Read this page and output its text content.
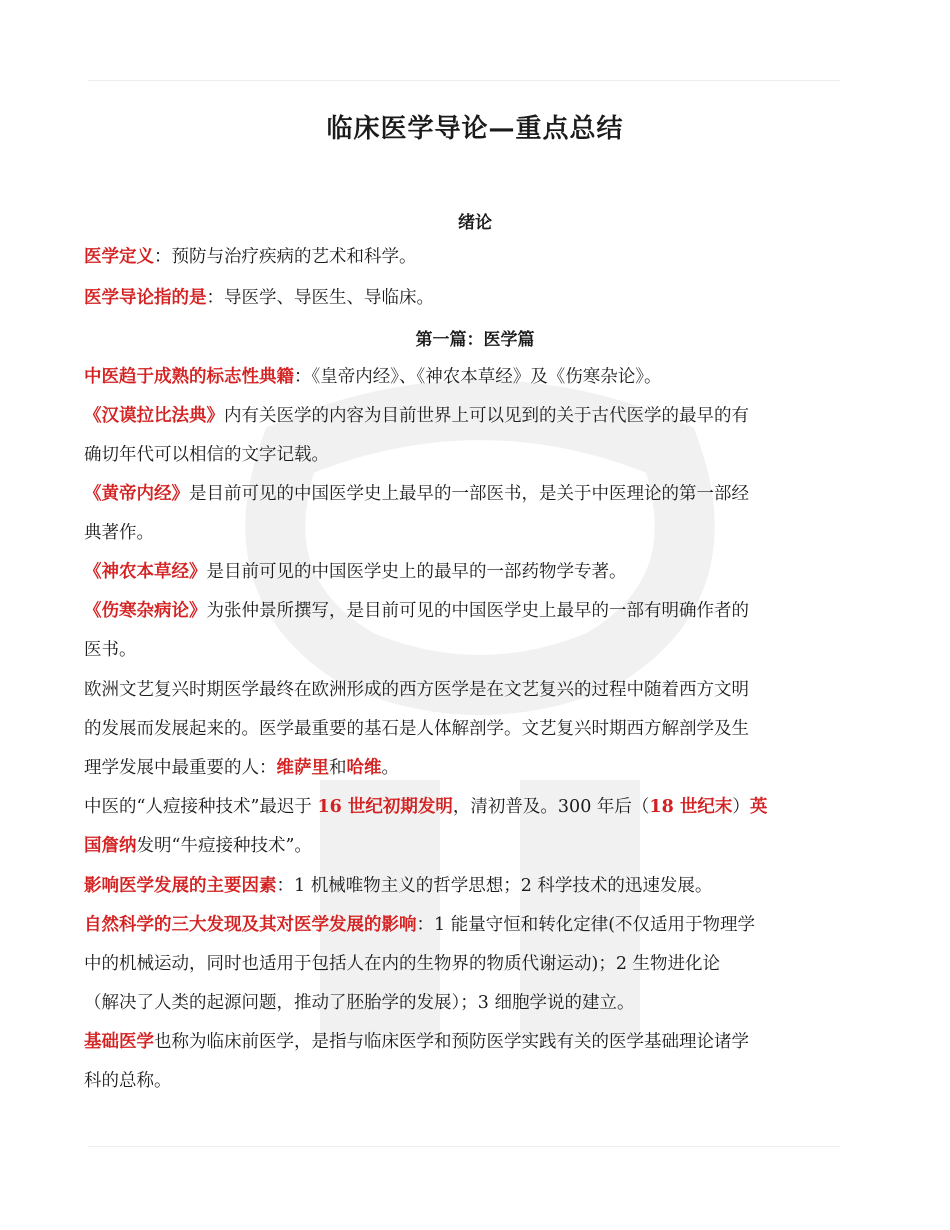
临床医学导论—重点总结
绪论
医学定义：预防与治疗疾病的艺术和科学。
医学导论指的是：导医学、导医生、导临床。
第一篇：医学篇
中医趋于成熟的标志性典籍：《皇帝内经》、《神农本草经》及《伤寒杂论》。
《汉谟拉比法典》内有关医学的内容为目前世界上可以见到的关于古代医学的最早的有
确切年代可以相信的文字记载。
《黄帝内经》是目前可见的中国医学史上最早的一部医书，是关于中医理论的第一部经
典著作。
《神农本草经》是目前可见的中国医学史上的最早的一部药物学专著。
《伤寒杂病论》为张仲景所撰写，是目前可见的中国医学史上最早的一部有明确作者的
医书。
欧洲文艺复兴时期医学最终在欧洲形成的西方医学是在文艺复兴的过程中随着西方文明
的发展而发展起来的。医学最重要的基石是人体解剖学。文艺复兴时期西方解剖学及生
理学发展中最重要的人：维萨里和哈维。
中医的“人痘接种技术”最迟于 16 世纪初期发明，清初普及。300 年后（18 世纪末）英
国詹纳发明“牛痘接种技术”。
影响医学发展的主要因素：1 机械唯物主义的哲学思想；2 科学技术的迅速发展。
自然科学的三大发现及其对医学发展的影响：1 能量守恒和转化定律(不仅适用于物理学
中的机械运动，同时也适用于包括人在内的生物界的物质代谢运动)；2 生物进化论
（解决了人类的起源问题，推动了胚胎学的发展）；3 细胞学说的建立。
基础医学也称为临床前医学，是指与临床医学和预防医学实践有关的医学基础理论诸学
科的总称。
